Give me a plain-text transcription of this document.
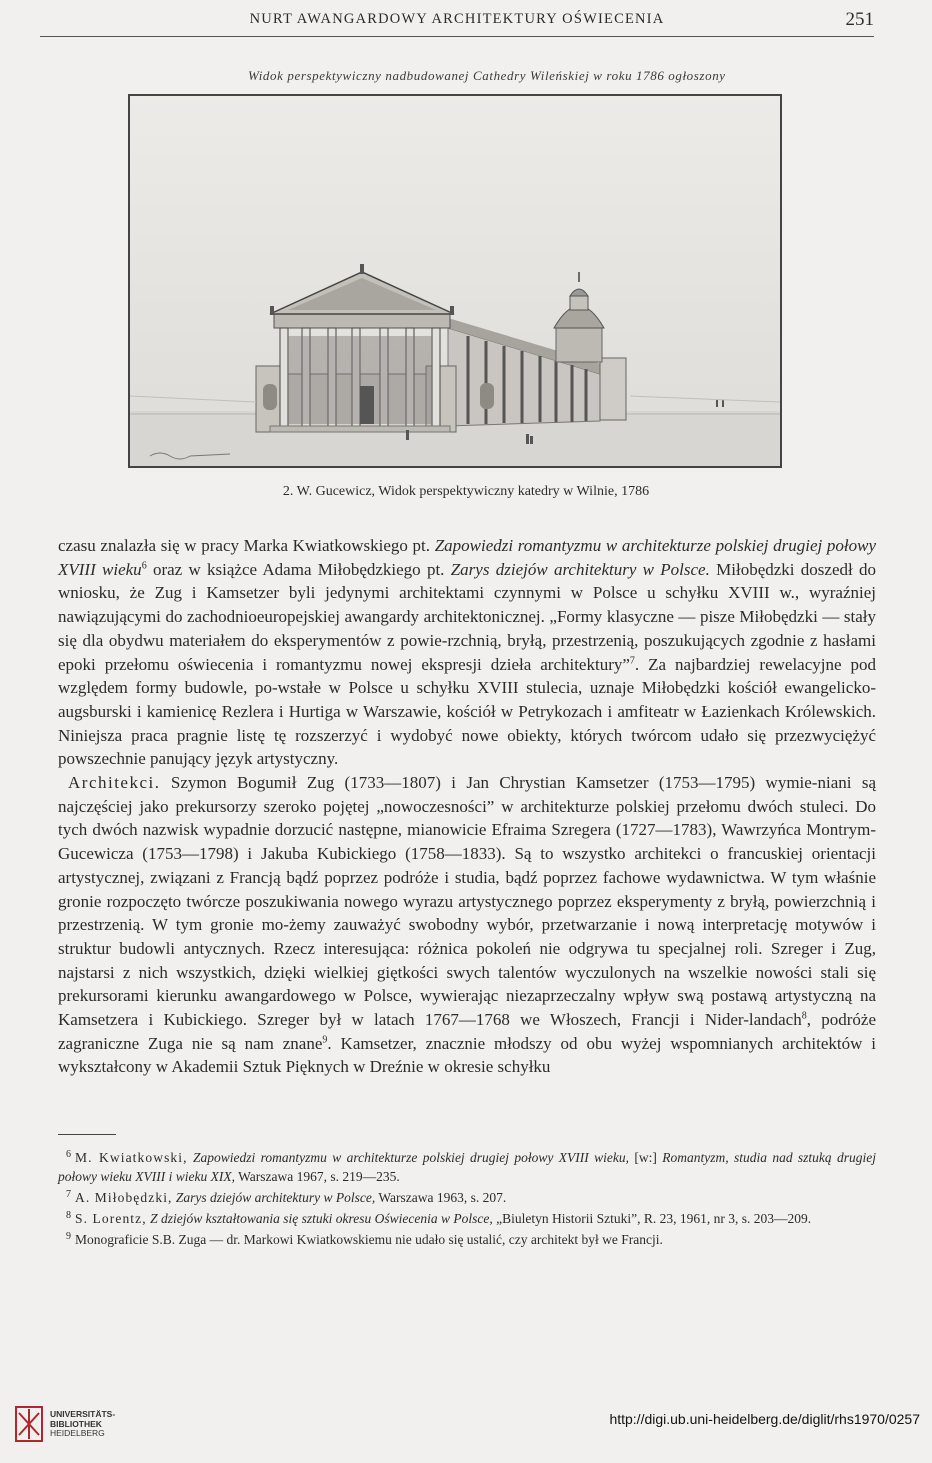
NURT AWANGARDOWY ARCHITEKTURY OŚWIECENIA	251
Widok perspektywiczny nadbudowanej Cathedry Wileńskiej w roku 1786 ogłoszony
2. W. Gucewicz, Widok perspektywiczny katedry w Wilnie, 1786

czasu znalazła się w pracy Marka Kwiatkowskiego pt. Zapowiedzi romantyzmu w architekturze polskiej drugiej połowy XVIII wieku$^6$ oraz w książce Adama Miłobędzkiego pt. Zarys dziejów architektury w Polsce. Miłobędzki doszedł do wniosku, że Zug i Kamsetzer byli jedynymi architektami czynnymi w Polsce u schyłku XVIII w., wyraźniej nawiązującymi do zachodnioeuropejskiej awangardy architektonicznej. „Formy klasyczne — pisze Miłobędzki — stały się dla obydwu materiałem do eksperymentów z powie-rzchnią, bryłą, przestrzenią, poszukujących zgodnie z hasłami epoki przełomu oświecenia i romantyzmu nowej ekspresji dzieła architektury”$^7$. Za najbardziej rewelacyjne pod względem formy budowle, po-wstałe w Polsce u schyłku XVIII stulecia, uznaje Miłobędzki kościół ewangelicko-augsburski i kamienicę Rezlera i Hurtiga w Warszawie, kościół w Petrykozach i amfiteatr w Łazienkach Królewskich. Niniejsza praca pragnie listę tę rozszerzyć i wydobyć nowe obiekty, których twórcom udało się przezwyciężyć powszechnie panujący język artystyczny.

Architekci. Szymon Bogumił Zug (1733—1807) i Jan Chrystian Kamsetzer (1753—1795) wymie-niani są najczęściej jako prekursorzy szeroko pojętej „nowoczesności” w architekturze polskiej przełomu dwóch stuleci. Do tych dwóch nazwisk wypadnie dorzucić następne, mianowicie Efraima Szregera (1727—1783), Wawrzyńca Montrym-Gucewicza (1753—1798) i Jakuba Kubickiego (1758—1833). Są to wszystko architekci o francuskiej orientacji artystycznej, związani z Francją bądź poprzez podróże i studia, bądź poprzez fachowe wydawnictwa. W tym właśnie gronie rozpoczęto twórcze poszukiwania nowego wyrazu artystycznego poprzez eksperymenty z bryłą, powierzchnią i przestrzenią. W tym gronie mo-żemy zauważyć swobodny wybór, przetwarzanie i nową interpretację motywów i struktur budowli antycznych. Rzecz interesująca: różnica pokoleń nie odgrywa tu specjalnej roli. Szreger i Zug, najstarsi z nich wszystkich, dzięki wielkiej giętkości swych talentów wyczulonych na wszelkie nowości stali się prekursorami kierunku awangardowego w Polsce, wywierając niezaprzeczalny wpływ swą postawą artystyczną na Kamsetzera i Kubickiego. Szreger był w latach 1767—1768 we Włoszech, Francji i Nider-landach$^8$, podróże zagraniczne Zuga nie są nam znane$^9$. Kamsetzer, znacznie młodszy od obu wyżej wspomnianych architektów i wykształcony w Akademii Sztuk Pięknych w Dreźnie w okresie schyłku

$^6$ M. Kwiatkowski, Zapowiedzi romantyzmu w architekturze polskiej drugiej połowy XVIII wieku, [w:] Romantyzm, studia nad sztuką drugiej połowy wieku XVIII i wieku XIX, Warszawa 1967, s. 219—235.

$^7$ A. Miłobędzki, Zarys dziejów architektury w Polsce, Warszawa 1963, s. 207.

$^8$ S. Lorentz, Z dziejów kształtowania się sztuki okresu Oświecenia w Polsce, „Biuletyn Historii Sztuki”, R. 23, 1961, nr 3, s. 203—209.

$^9$ Monograficie S.B. Zuga — dr. Markowi Kwiatkowskiemu nie udało się ustalić, czy architekt był we Francji.

UNIVERSITÄTS-
BIBLIOTHEK
HEIDELBERG
http://digi.ub.uni-heidelberg.de/diglit/rhs1970/0257
